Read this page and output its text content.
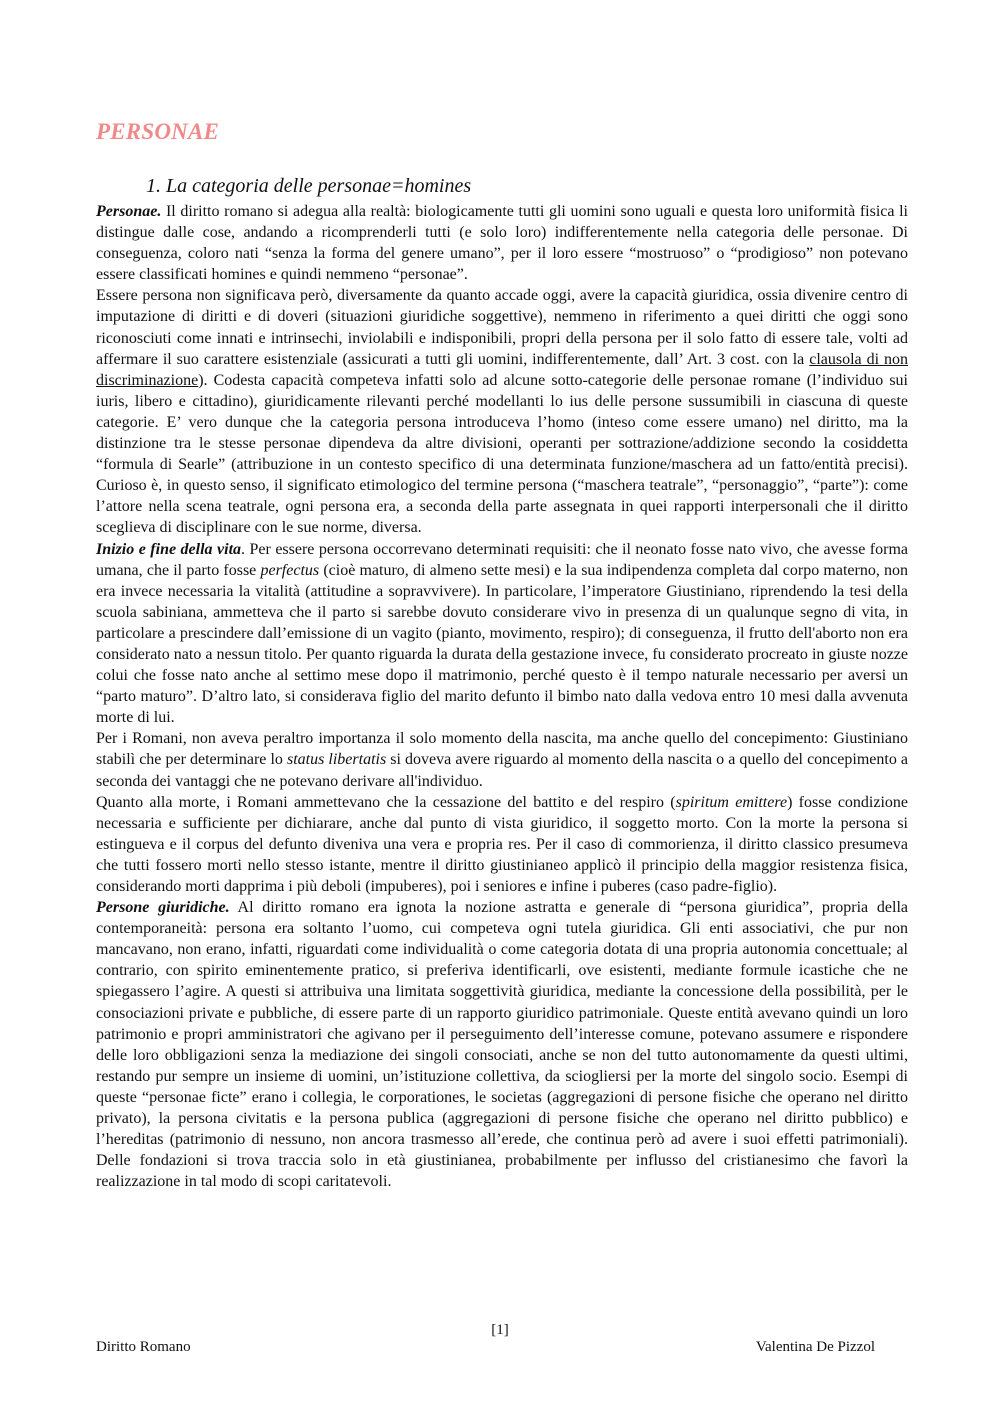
PERSONAE
1. La categoria delle personae=homines

Personae. Il diritto romano si adegua alla realtà: biologicamente tutti gli uomini sono uguali e questa loro uniformità fisica li distingue dalle cose, andando a ricomprenderli tutti (e solo loro) indifferentemente nella categoria delle personae. Di conseguenza, coloro nati “senza la forma del genere umano”, per il loro essere “mostruoso” o “prodigioso” non potevano essere classificati homines e quindi nemmeno “personae”.

Essere persona non significava però, diversamente da quanto accade oggi, avere la capacità giuridica, ossia divenire centro di imputazione di diritti e di doveri (situazioni giuridiche soggettive), nemmeno in riferimento a quei diritti che oggi sono riconosciuti come innati e intrinsechi, inviolabili e indisponibili, propri della persona per il solo fatto di essere tale, volti ad affermare il suo carattere esistenziale (assicurati a tutti gli uomini, indifferentemente, dall’ Art. 3 cost. con la clausola di non discriminazione). Codesta capacità competeva infatti solo ad alcune sotto-categorie delle personae romane (l’individuo sui iuris, libero e cittadino), giuridicamente rilevanti perché modellanti lo ius delle persone sussumibili in ciascuna di queste categorie. E’ vero dunque che la categoria persona introduceva l’homo (inteso come essere umano) nel diritto, ma la distinzione tra le stesse personae dipendeva da altre divisioni, operanti per sottrazione/addizione secondo la cosiddetta “formula di Searle” (attribuzione in un contesto specifico di una determinata funzione/maschera ad un fatto/entità precisi). Curioso è, in questo senso, il significato etimologico del termine persona (“maschera teatrale”, “personaggio”, “parte”): come l’attore nella scena teatrale, ogni persona era, a seconda della parte assegnata in quei rapporti interpersonali che il diritto sceglieva di disciplinare con le sue norme, diversa.

Inizio e fine della vita. Per essere persona occorrevano determinati requisiti: che il neonato fosse nato vivo, che avesse forma umana, che il parto fosse perfectus (cioè maturo, di almeno sette mesi) e la sua indipendenza completa dal corpo materno, non era invece necessaria la vitalità (attitudine a sopravvivere). In particolare, l’imperatore Giustiniano, riprendendo la tesi della scuola sabiniana, ammetteva che il parto si sarebbe dovuto considerare vivo in presenza di un qualunque segno di vita, in particolare a prescindere dall’emissione di un vagito (pianto, movimento, respiro); di conseguenza, il frutto dell'aborto non era considerato nato a nessun titolo. Per quanto riguarda la durata della gestazione invece, fu considerato procreato in giuste nozze colui che fosse nato anche al settimo mese dopo il matrimonio, perché questo è il tempo naturale necessario per aversi un “parto maturo”. D’altro lato, si considerava figlio del marito defunto il bimbo nato dalla vedova entro 10 mesi dalla avvenuta morte di lui.

Per i Romani, non aveva peraltro importanza il solo momento della nascita, ma anche quello del concepimento: Giustiniano stabilì che per determinare lo status libertatis si doveva avere riguardo al momento della nascita o a quello del concepimento a seconda dei vantaggi che ne potevano derivare all'individuo.

Quanto alla morte, i Romani ammettevano che la cessazione del battito e del respiro (spiritum emittere) fosse condizione necessaria e sufficiente per dichiarare, anche dal punto di vista giuridico, il soggetto morto. Con la morte la persona si estingueva e il corpus del defunto diveniva una vera e propria res. Per il caso di commorienza, il diritto classico presumeva che tutti fossero morti nello stesso istante, mentre il diritto giustinianeo applicò il principio della maggior resistenza fisica, considerando morti dapprima i più deboli (impuberes), poi i seniores e infine i puberes (caso padre-figlio).

Persone giuridiche. Al diritto romano era ignota la nozione astratta e generale di “persona giuridica”, propria della contemporaneità: persona era soltanto l’uomo, cui competeva ogni tutela giuridica. Gli enti associativi, che pur non mancavano, non erano, infatti, riguardati come individualità o come categoria dotata di una propria autonomia concettuale; al contrario, con spirito eminentemente pratico, si preferiva identificarli, ove esistenti, mediante formule icastiche che ne spiegassero l’agire. A questi si attribuiva una limitata soggettività giuridica, mediante la concessione della possibilità, per le consociazioni private e pubbliche, di essere parte di un rapporto giuridico patrimoniale. Queste entità avevano quindi un loro patrimonio e propri amministratori che agivano per il perseguimento dell’interesse comune, potevano assumere e rispondere delle loro obbligazioni senza la mediazione dei singoli consociati, anche se non del tutto autonomamente da questi ultimi, restando pur sempre un insieme di uomini, un’istituzione collettiva, da sciogliersi per la morte del singolo socio. Esempi di queste “personae ficte” erano i collegia, le corporationes, le societas (aggregazioni di persone fisiche che operano nel diritto privato), la persona civitatis e la persona publica (aggregazioni di persone fisiche che operano nel diritto pubblico) e l’hereditas (patrimonio di nessuno, non ancora trasmesso all’erede, che continua però ad avere i suoi effetti patrimoniali). Delle fondazioni si trova traccia solo in età giustinianea, probabilmente per influsso del cristianesimo che favorì la realizzazione in tal modo di scopi caritatevoli.

[1]
Diritto Romano	Valentina De Pizzol
